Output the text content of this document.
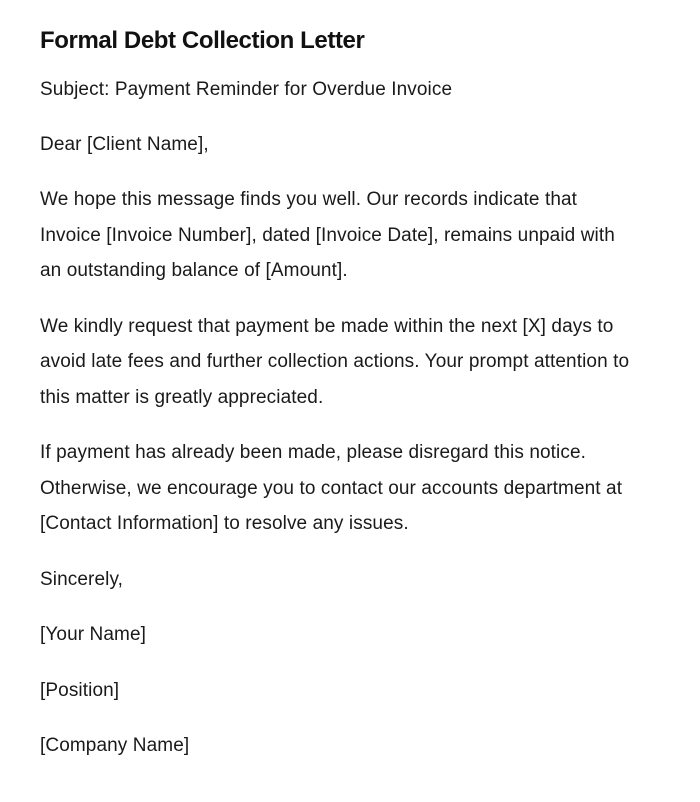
Formal Debt Collection Letter

Subject: Payment Reminder for Overdue Invoice

Dear [Client Name],

We hope this message finds you well. Our records indicate that Invoice [Invoice Number], dated [Invoice Date], remains unpaid with an outstanding balance of [Amount].

We kindly request that payment be made within the next [X] days to avoid late fees and further collection actions. Your prompt attention to this matter is greatly appreciated.

If payment has already been made, please disregard this notice. Otherwise, we encourage you to contact our accounts department at [Contact Information] to resolve any issues.

Sincerely,

[Your Name]

[Position]

[Company Name]
